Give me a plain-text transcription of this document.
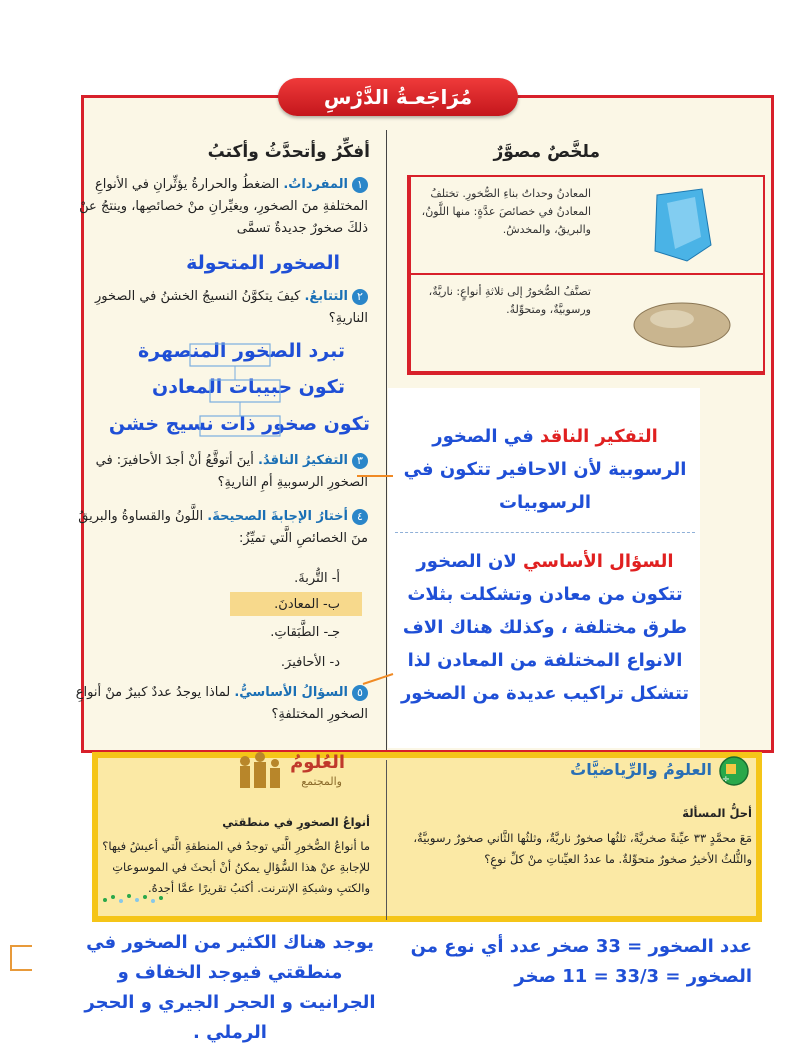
مُرَاجَعـةُ الدَّرْسِ
أفكِّرُ وأتحدَّثُ وأكتبُ	ملخَّصٌ مصوَّرٌ
١المفرداتُ. الضغطُ والحرارةُ يؤثِّرانِ في الأنواعِ المختلفةِ منَ الصخورِ، ويغيِّرانِ منْ خصائصِها، وينتجُ عنْ ذلكَ صخورٌ جديدةٌ تسمَّى
الصخور المتحولة
٢التتابعُ. كيفَ يتكوَّنُ النسيجُ الخشنُ في الصخورِ الناريةِ؟
تبرد الصخور المنصهرة
تكون حبيبات المعادن
تكون صخور ذات نسيج خشن
٣التفكيرُ الناقدُ. أينَ أتوقَّعُ أنْ أجدَ الأحافيرَ: في الصخورِ الرسوبيةِ أمِ الناريةِ؟
٤أختارُ الإجابةَ الصحيحةَ. اللَّونُ والقساوةُ والبريقُ منَ الخصائصِ الَّتي تميِّزُ:
أ- التُّربةَ.
ب- المعادنَ.
جـ- الطَّبَقاتِ.
د- الأحافيرَ.
٥السؤالُ الأساسيُّ. لماذا يوجدُ عددٌ كبيرٌ منْ أنواعِ الصخورِ المختلفةِ؟
المعادنُ وحداتُ بناءِ الصُّخورِ. تختلفُ المعادنُ في خصائصَ عدَّةٍ: منها اللَّونُ، والبريقُ، والمخدشُ.
تصنَّفُ الصُّخورُ إلى ثلاثةِ أنواعٍ: ناريَّةٌ، ورسوبيَّةٌ، ومتحوِّلةٌ.
التفكير الناقد في الصخور الرسوبية لأن الاحافير تتكون في الرسوبيات
السؤال الأساسي لان الصخور تتكون من معادن وتشكلت بثلاث طرق مختلفة ، وكذلك هناك الاف الانواع المختلفة من المعادن لذا تتشكل تراكيب عديدة من الصخور
÷
العلومُ والرِّياضيَّاتُ
أحلُّ المسألةَ
مَعَ محمَّدٍ ٣٣ عيِّنةً صخريَّةً، ثلثُها صخورٌ ناريَّةٌ، وثلثُها الثَّاني صخورٌ رسوبيَّةٌ، والثُّلثُ الأخيرُ صخورٌ متحوِّلةٌ. ما عددُ العيِّناتِ منْ كلِّ نوعٍ؟
العُلومُ
والمجتمع
أنواعُ الصخورِ في منطقتي
ما أنواعُ الصُّخورِ الَّتي توجدُ في المنطقةِ الَّتي أعيشُ فيها؟ للإجابةِ عنْ هذا السُّؤالِ يمكنُ أنْ أبحثَ في الموسوعاتِ والكتبِ وشبكةِ الإنترنت. أكتبُ تقريرًا عمَّا أجدهُ.
عدد الصخور = 33 صخر عدد أي نوع من
الصخور = 33/3 = 11 صخر
يوجد هناك الكثير من الصخور في منطقتي فيوجد الخفاف و الجرانيت و الحجر الجيري و الحجر الرملي .
